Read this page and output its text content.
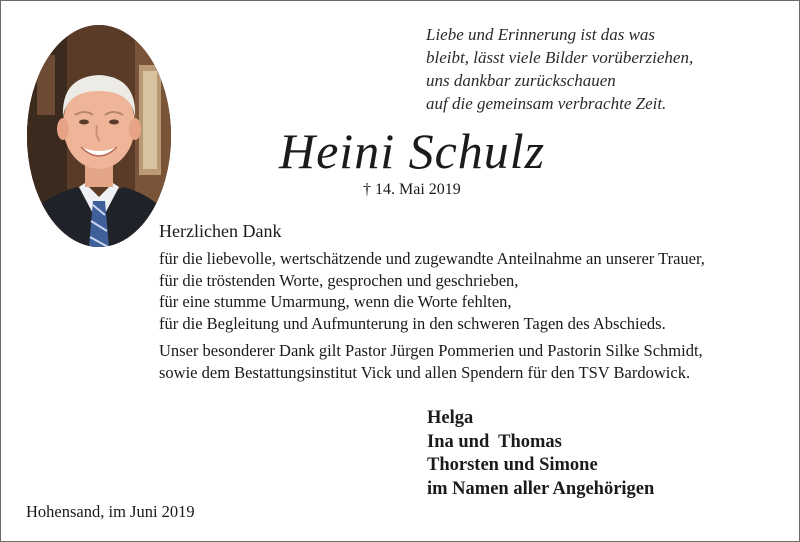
Liebe und Erinnerung ist das was
bleibt, lässt viele Bilder vorüberziehen,
uns dankbar zurückschauen
auf die gemeinsam verbrachte Zeit.
Heini Schulz
† 14. Mai 2019
Herzlichen Dank
für die liebevolle, wertschätzende und zugewandte Anteilnahme an unserer Trauer,
für die tröstenden Worte, gesprochen und geschrieben,
für eine stumme Umarmung, wenn die Worte fehlten,
für die Begleitung und Aufmunterung in den schweren Tagen des Abschieds.
Unser besonderer Dank gilt Pastor Jürgen Pommerien und Pastorin Silke Schmidt,
sowie dem Bestattungsinstitut Vick und allen Spendern für den TSV Bardowick.
Helga
Ina und  Thomas
Thorsten und Simone
im Namen aller Angehörigen
Hohensand, im Juni 2019
